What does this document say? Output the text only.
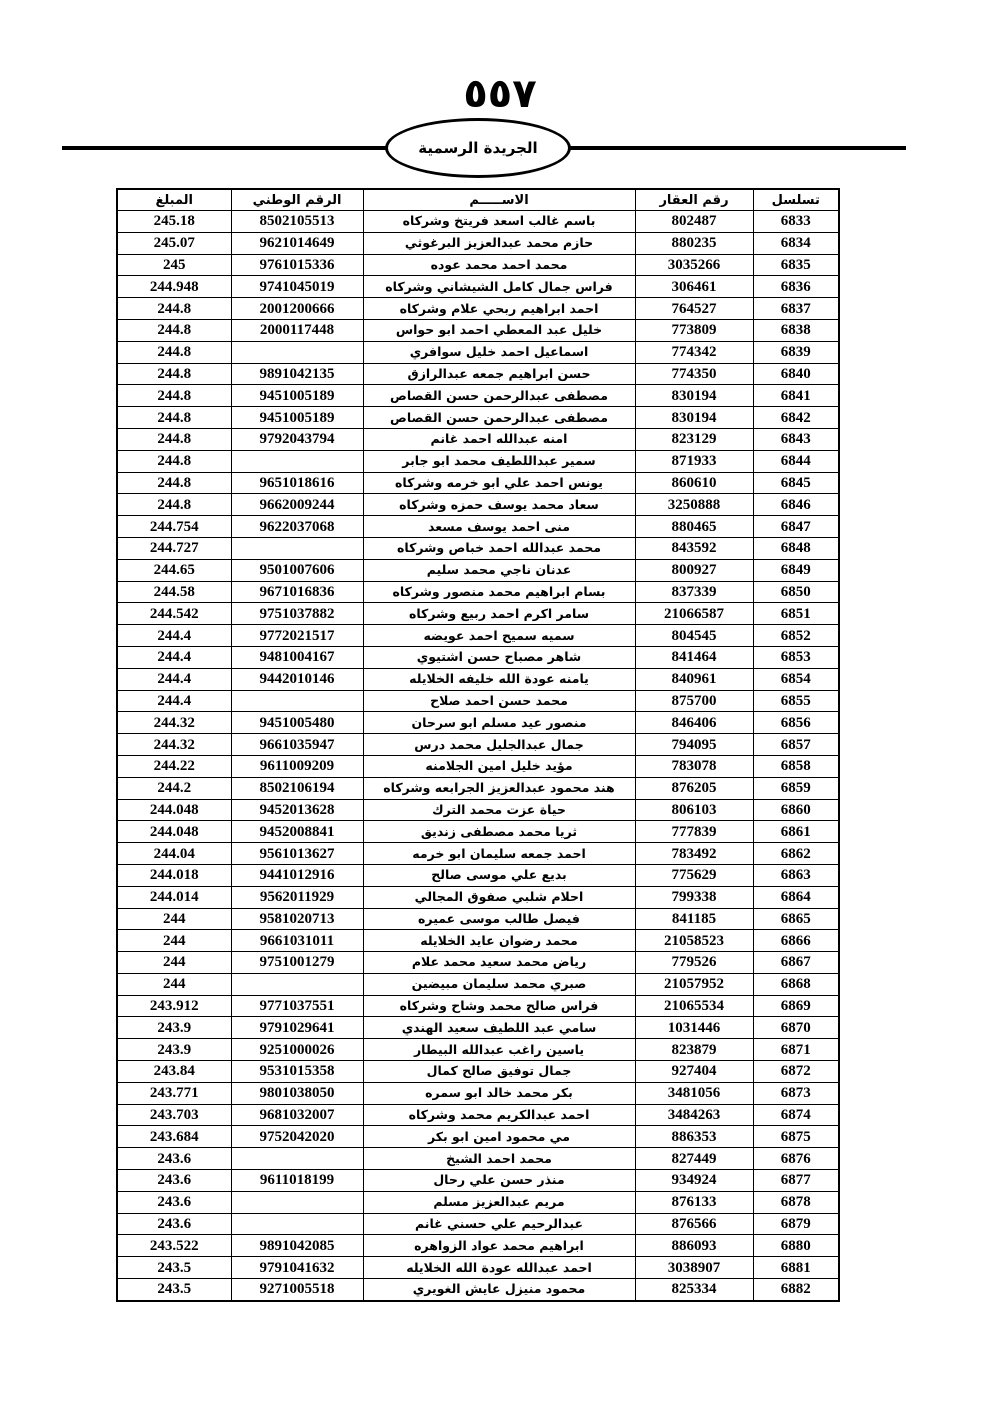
٥٥٧
الجريدة الرسمية
تسلسل	رقم العقار	الاســـــم	الرقم الوطني	المبلغ
6833	802487	باسم غالب اسعد فريتخ وشركاه	8502105513	245.18
6834	880235	حازم محمد عبدالعزيز البرغوثي	9621014649	245.07
6835	3035266	محمد احمد محمد عوده	9761015336	245
6836	306461	فراس جمال كامل الشيشاني وشركاه	9741045019	244.948
6837	764527	احمد ابراهيم ربحي علام وشركاه	2001200666	244.8
6838	773809	خليل عبد المعطي احمد ابو حواس	2000117448	244.8
6839	774342	اسماعيل احمد خليل سوافري		244.8
6840	774350	حسن ابراهيم جمعه عبدالرازق	9891042135	244.8
6841	830194	مصطفى عبدالرحمن حسن القصاص	9451005189	244.8
6842	830194	مصطفى عبدالرحمن حسن القصاص	9451005189	244.8
6843	823129	امنه عبدالله احمد غانم	9792043794	244.8
6844	871933	سمير عبداللطيف محمد ابو جابر		244.8
6845	860610	يونس احمد علي ابو خرمه وشركاه	9651018616	244.8
6846	3250888	سعاد محمد يوسف حمزه وشركاه	9662009244	244.8
6847	880465	منى احمد يوسف مسعد	9622037068	244.754
6848	843592	محمد عبدالله احمد خباص وشركاه		244.727
6849	800927	عدنان ناجي محمد سليم	9501007606	244.65
6850	837339	بسام ابراهيم محمد منصور وشركاه	9671016836	244.58
6851	21066587	سامر اكرم احمد ربيع وشركاه	9751037882	244.542
6852	804545	سميه سميح احمد عويضه	9772021517	244.4
6853	841464	شاهر مصباح حسن اشتيوي	9481004167	244.4
6854	840961	يامنه عودة الله خليفه الخلايله	9442010146	244.4
6855	875700	محمد حسن احمد صلاح		244.4
6856	846406	منصور عيد مسلم ابو سرحان	9451005480	244.32
6857	794095	جمال عبدالجليل محمد درس	9661035947	244.32
6858	783078	مؤيد خليل امين الجلامنه	9611009209	244.22
6859	876205	هند محمود عبدالعزيز الجرابعه وشركاه	8502106194	244.2
6860	806103	حياة عزت محمد الترك	9452013628	244.048
6861	777839	ثريا محمد مصطفى زنديق	9452008841	244.048
6862	783492	احمد جمعه سليمان ابو خرمه	9561013627	244.04
6863	775629	بديع علي موسى صالح	9441012916	244.018
6864	799338	احلام شلبي صفوق المجالي	9562011929	244.014
6865	841185	فيصل طالب موسى عميره	9581020713	244
6866	21058523	محمد رضوان عايد الخلايله	9661031011	244
6867	779526	رياض محمد سعيد محمد علام	9751001279	244
6868	21057952	صبري محمد سليمان مبيضين		244
6869	21065534	فراس صالح محمد وشاح وشركاه	9771037551	243.912
6870	1031446	سامي عبد اللطيف سعيد الهندي	9791029641	243.9
6871	823879	ياسين راغب عبدالله البيطار	9251000026	243.9
6872	927404	جمال توفيق صالح كمال	9531015358	243.84
6873	3481056	بكر محمد خالد ابو سمره	9801038050	243.771
6874	3484263	احمد عبدالكريم محمد وشركاه	9681032007	243.703
6875	886353	مي محمود امين ابو بكر	9752042020	243.684
6876	827449	محمد احمد الشيخ		243.6
6877	934924	منذر حسن علي رحال	9611018199	243.6
6878	876133	مريم عبدالعزيز مسلم		243.6
6879	876566	عبدالرحيم علي حسني غانم		243.6
6880	886093	ابراهيم محمد عواد الزواهره	9891042085	243.522
6881	3038907	احمد عبدالله عودة الله الخلايله	9791041632	243.5
6882	825334	محمود منيزل عايش الغويري	9271005518	243.5
